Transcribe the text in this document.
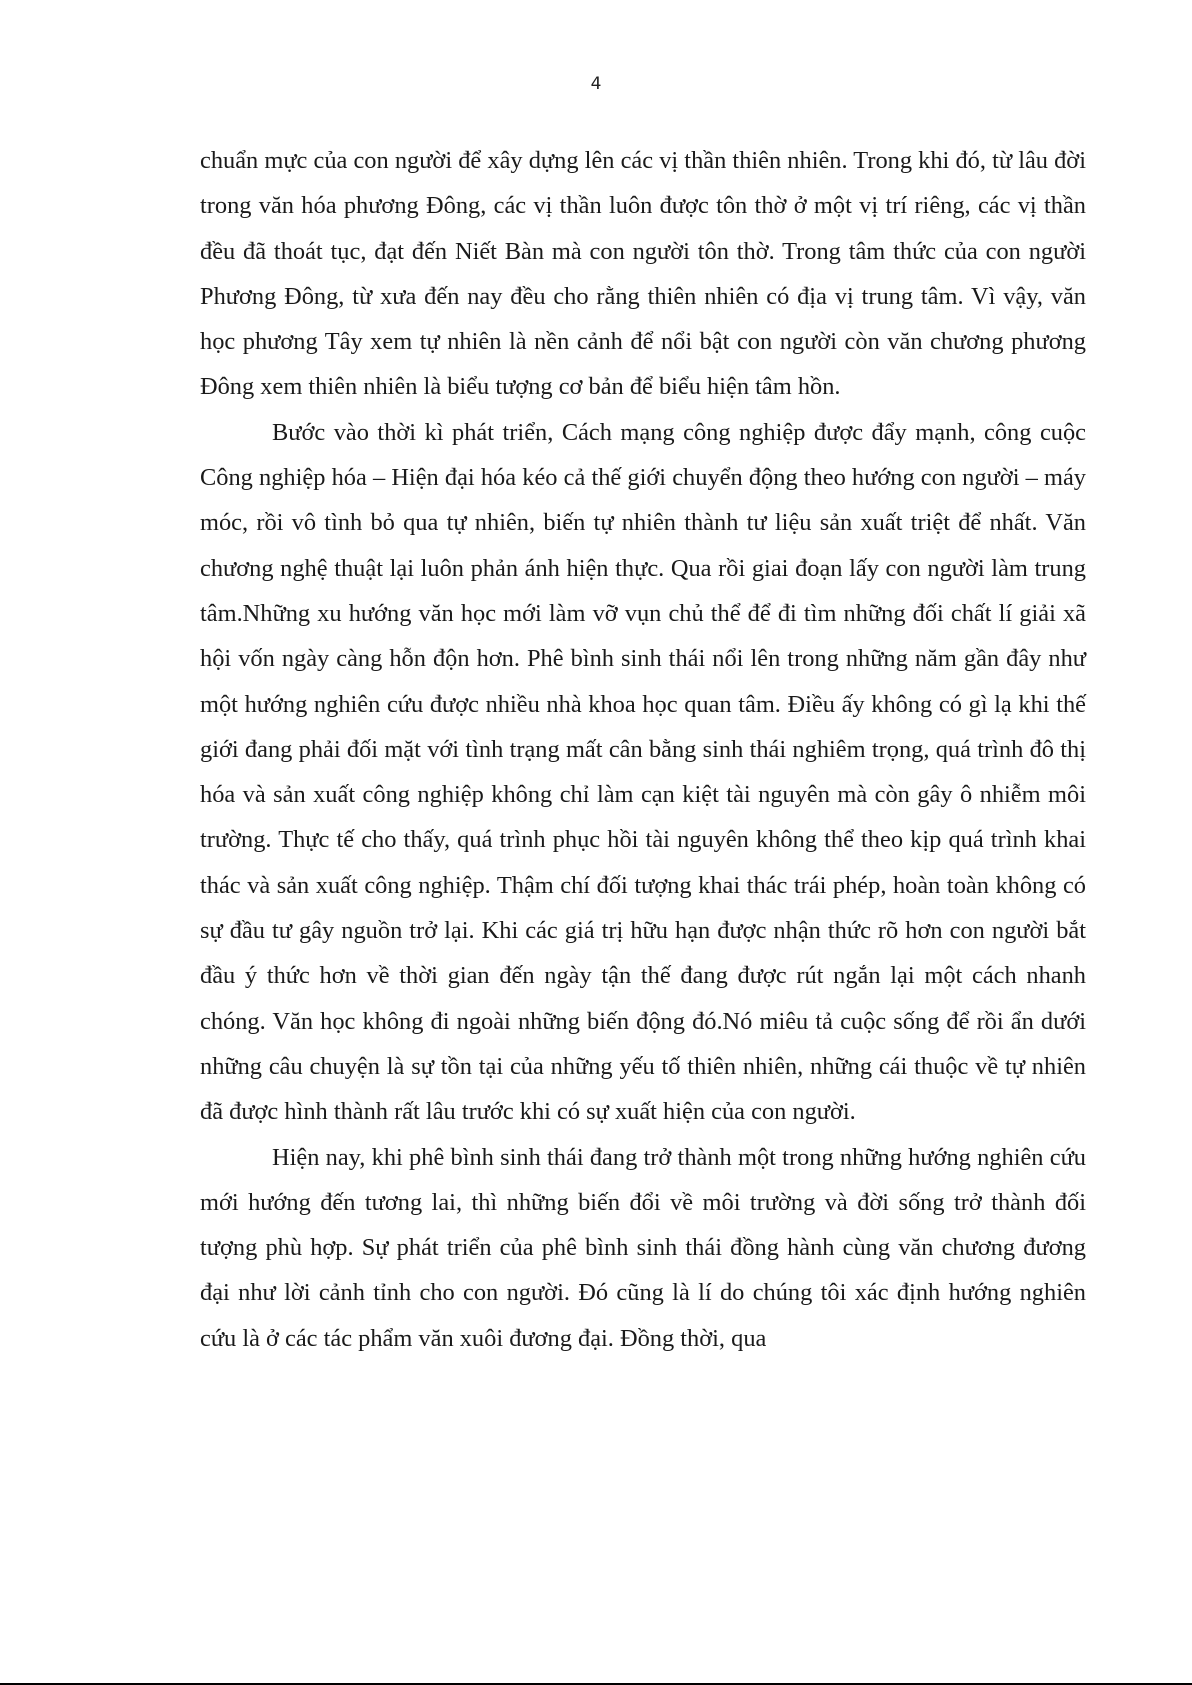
4

chuẩn mực của con người để xây dựng lên các vị thần thiên nhiên. Trong khi đó, từ lâu đời trong văn hóa phương Đông, các vị thần luôn được tôn thờ ở một vị trí riêng, các vị thần đều đã thoát tục, đạt đến Niết Bàn mà con người tôn thờ. Trong tâm thức của con người Phương Đông, từ xưa đến nay đều cho rằng thiên nhiên có địa vị trung tâm. Vì vậy, văn học phương Tây xem tự nhiên là nền cảnh để nổi bật con người còn văn chương phương Đông xem thiên nhiên là biểu tượng cơ bản để biểu hiện tâm hồn.

Bước vào thời kì phát triển, Cách mạng công nghiệp được đẩy mạnh, công cuộc Công nghiệp hóa – Hiện đại hóa kéo cả thế giới chuyển động theo hướng con người – máy móc, rồi vô tình bỏ qua tự nhiên, biến tự nhiên thành tư liệu sản xuất triệt để nhất. Văn chương nghệ thuật lại luôn phản ánh hiện thực. Qua rồi giai đoạn lấy con người làm trung tâm.Những xu hướng văn học mới làm vỡ vụn chủ thể để đi tìm những đối chất lí giải xã hội vốn ngày càng hỗn độn hơn. Phê bình sinh thái nổi lên trong những năm gần đây như một hướng nghiên cứu được nhiều nhà khoa học quan tâm. Điều ấy không có gì lạ khi thế giới đang phải đối mặt với tình trạng mất cân bằng sinh thái nghiêm trọng, quá trình đô thị hóa và sản xuất công nghiệp không chỉ làm cạn kiệt tài nguyên mà còn gây ô nhiễm môi trường. Thực tế cho thấy, quá trình phục hồi tài nguyên không thể theo kịp quá trình khai thác và sản xuất công nghiệp. Thậm chí đối tượng khai thác trái phép, hoàn toàn không có sự đầu tư gây nguồn trở lại. Khi các giá trị hữu hạn được nhận thức rõ hơn con người bắt đầu ý thức hơn về thời gian đến ngày tận thế đang được rút ngắn lại một cách nhanh chóng. Văn học không đi ngoài những biến động đó.Nó miêu tả cuộc sống để rồi ẩn dưới những câu chuyện là sự tồn tại của những yếu tố thiên nhiên, những cái thuộc về tự nhiên đã được hình thành rất lâu trước khi có sự xuất hiện của con người.

Hiện nay, khi phê bình sinh thái đang trở thành một trong những hướng nghiên cứu mới hướng đến tương lai, thì những biến đổi về môi trường và đời sống trở thành đối tượng phù hợp. Sự phát triển của phê bình sinh thái đồng hành cùng văn chương đương đại như lời cảnh tỉnh cho con người. Đó cũng là lí do chúng tôi xác định hướng nghiên cứu là ở các tác phẩm văn xuôi đương đại. Đồng thời, qua
